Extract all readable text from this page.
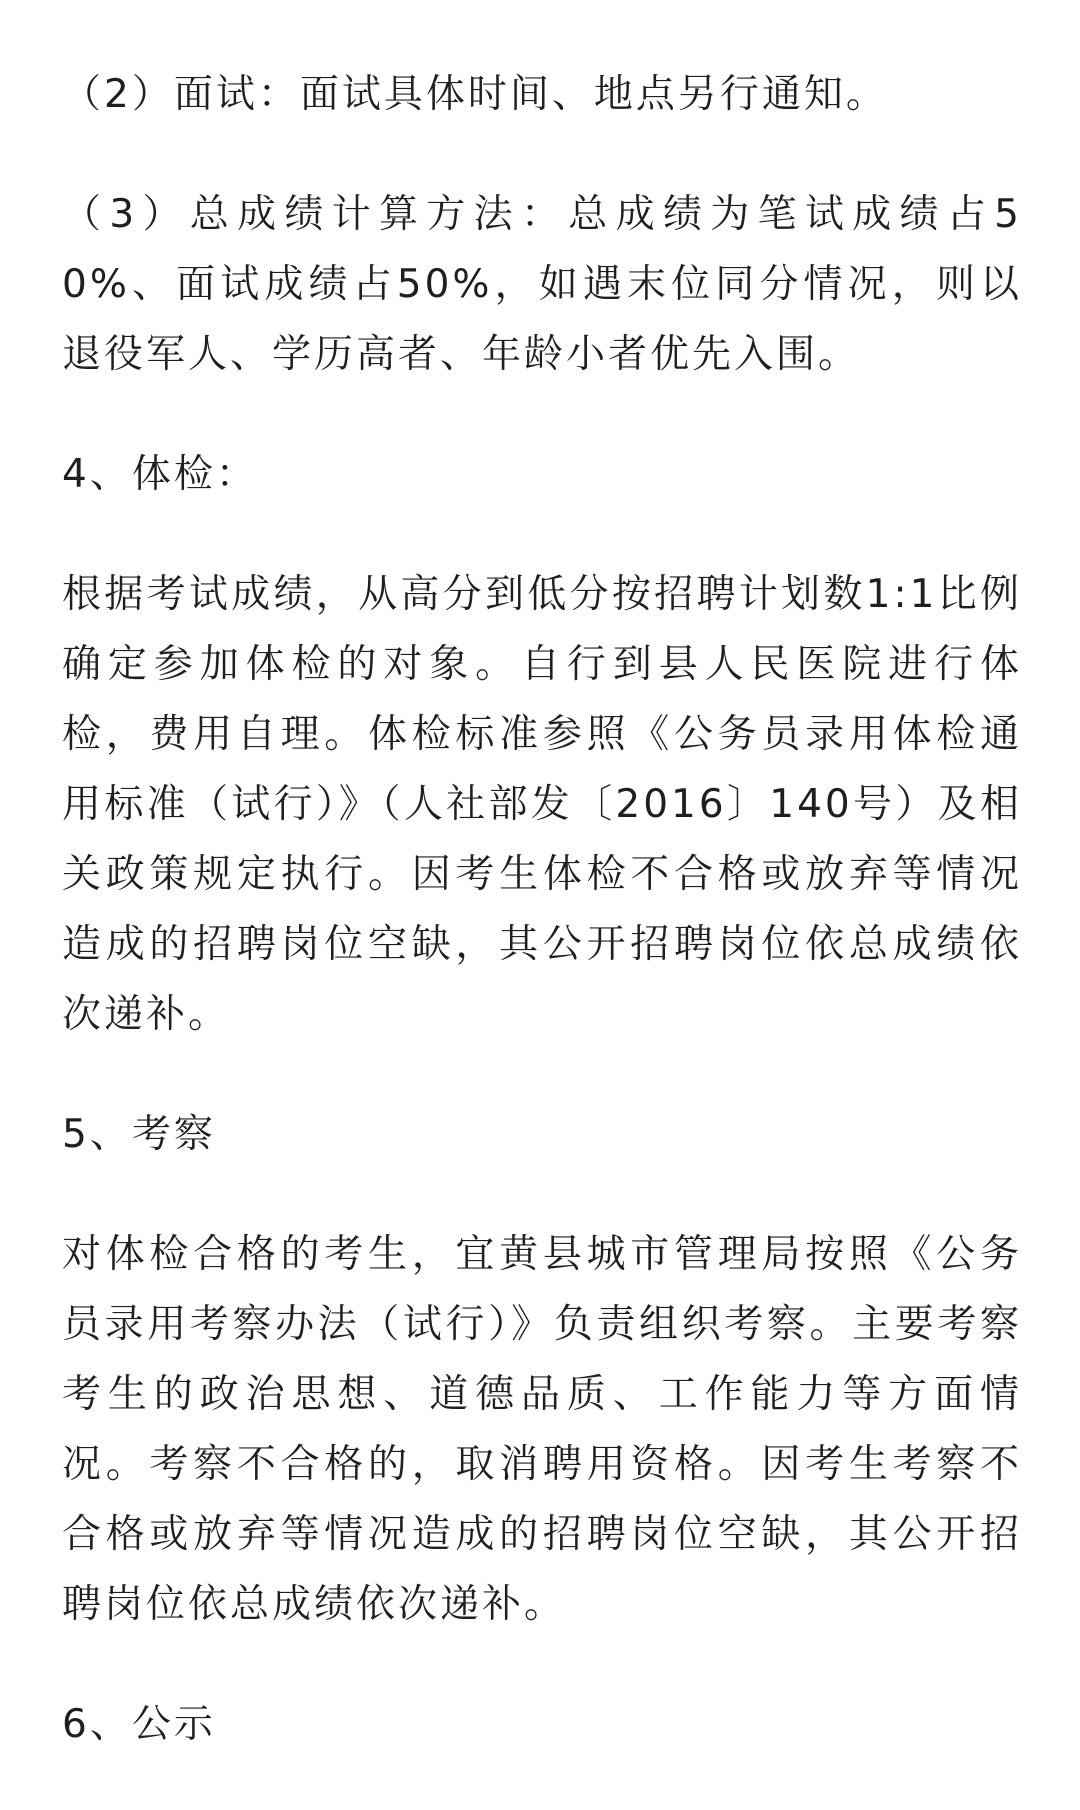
（2）面试：面试具体时间、地点另行通知。

（3）总成绩计算方法：总成绩为笔试成绩占50%、面试成绩占50%，如遇末位同分情况，则以退役军人、学历高者、年龄小者优先入围。

4、体检：

根据考试成绩，从高分到低分按招聘计划数1:1比例确定参加体检的对象。自行到县人民医院进行体检，费用自理。体检标准参照《公务员录用体检通用标准（试行）》（人社部发〔2016〕140号）及相关政策规定执行。因考生体检不合格或放弃等情况造成的招聘岗位空缺，其公开招聘岗位依总成绩依次递补。

5、考察

对体检合格的考生，宜黄县城市管理局按照《公务员录用考察办法（试行）》负责组织考察。主要考察考生的政治思想、道德品质、工作能力等方面情况。考察不合格的，取消聘用资格。因考生考察不合格或放弃等情况造成的招聘岗位空缺，其公开招聘岗位依总成绩依次递补。

6、公示
